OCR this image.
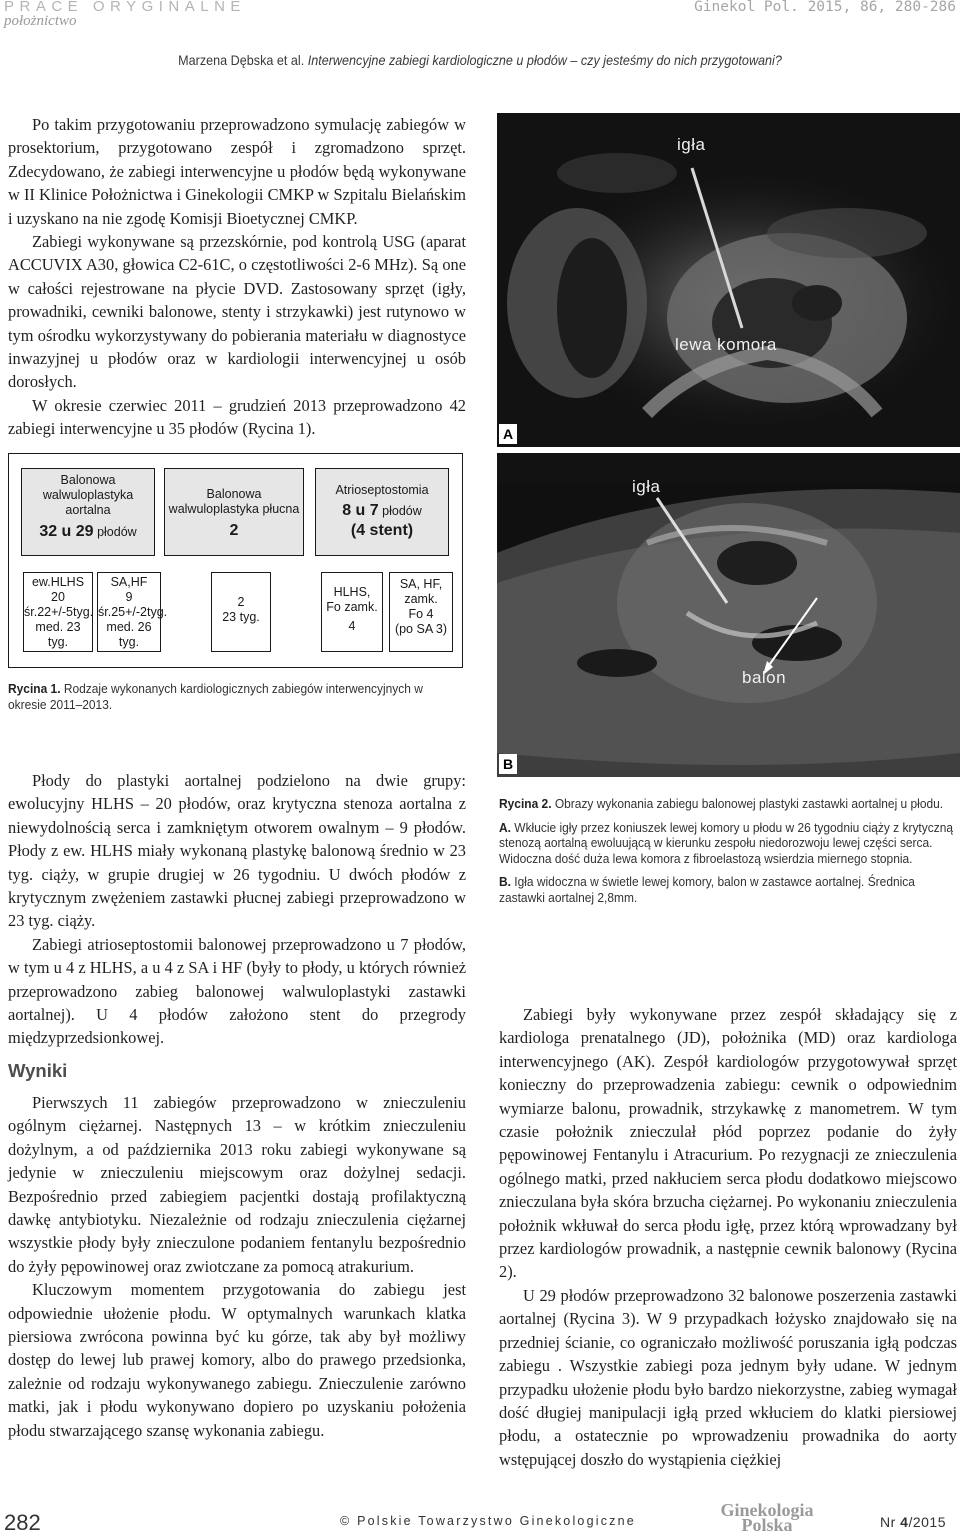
PRACE ORYGINALNE
położnictwo
Ginekol Pol. 2015, 86, 280-286
Marzena Dębska et al. Interwencyjne zabiegi kardiologiczne u płodów – czy jesteśmy do nich przygotowani?

Po takim przygotowaniu przeprowadzono symulację zabiegów w prosektorium, przygotowano zespół i zgromadzono sprzęt. Zdecydowano, że zabiegi interwencyjne u płodów będą wykonywane w II Klinice Położnictwa i Ginekologii CMKP w Szpitalu Bielańskim i uzyskano na nie zgodę Komisji Bioetycznej CMKP.

Zabiegi wykonywane są przezskórnie, pod kontrolą USG (aparat ACCUVIX A30, głowica C2-61C, o częstotliwości 2-6 MHz). Są one w całości rejestrowane na płycie DVD. Zastosowany sprzęt (igły, prowadniki, cewniki balonowe, stenty i strzykawki) jest rutynowo w tym ośrodku wykorzystywany do pobierania materiału w diagnostyce inwazyjnej u płodów oraz w kardiologii interwencyjnej u osób dorosłych.

W okresie czerwiec 2011 – grudzień 2013 przeprowadzono 42 zabiegi interwencyjne u 35 płodów (Rycina 1).

igła
lewa komora
A
Balonowa
walwuloplastyka
aortalna
32 u 29 płodów
Balonowa
walwuloplastyka płucna
2
Atrioseptostomia
8 u 7 płodów
(4 stent)
ew.HLHS
20
śr.22+/-5tyg.
med. 23 tyg.
SA,HF
9
śr.25+/-2tyg.
med. 26 tyg.
2
23 tyg.
HLHS,
Fo zamk.
4
SA, HF,
zamk.
Fo 4
(po SA 3)
Rycina 1. Rodzaje wykonanych kardiologicznych zabiegów interwencyjnych w okresie 2011–2013.
igła
balon
B
Rycina 2. Obrazy wykonania zabiegu balonowej plastyki zastawki aortalnej u płodu.
A. Wkłucie igły przez koniuszek lewej komory u płodu w 26 tygodniu ciąży z krytyczną stenozą aortalną ewoluującą w kierunku zespołu niedorozwoju lewej części serca. Widoczna dość duża lewa komora z fibroelastozą wsierdzia miernego stopnia.
B. Igła widoczna w świetle lewej komory, balon w zastawce aortalnej. Średnica zastawki aortalnej 2,8mm.

Płody do plastyki aortalnej podzielono na dwie grupy: ewolucyjny HLHS – 20 płodów, oraz krytyczna stenoza aortalna z niewydolnością serca i zamkniętym otworem owalnym – 9 płodów. Płody z ew. HLHS miały wykonaną plastykę balonową średnio w 23 tyg. ciąży, w grupie drugiej w 26 tygodniu. U dwóch płodów z krytycznym zwężeniem zastawki płucnej zabiegi przeprowadzono w 23 tyg. ciąży.

Zabiegi atrioseptostomii balonowej przeprowadzono u 7 płodów, w tym u 4 z HLHS, a u 4 z SA i HF (były to płody, u których również przeprowadzono zabieg balonowej walwuloplastyki zastawki aortalnej). U 4 płodów założono stent do przegrody międzyprzedsionkowej.

Wyniki

Pierwszych 11 zabiegów przeprowadzono w znieczuleniu ogólnym ciężarnej. Następnych 13 – w krótkim znieczuleniu dożylnym, a od października 2013 roku zabiegi wykonywane są jedynie w znieczuleniu miejscowym oraz dożylnej sedacji. Bezpośrednio przed zabiegiem pacjentki dostają profilaktyczną dawkę antybiotyku. Niezależnie od rodzaju znieczulenia ciężarnej wszystkie płody były znieczulone podaniem fentanylu bezpośrednio do żyły pępowinowej oraz zwiotczane za pomocą atrakurium.

Kluczowym momentem przygotowania do zabiegu jest odpowiednie ułożenie płodu. W optymalnych warunkach klatka piersiowa zwrócona powinna być ku górze, tak aby był możliwy dostęp do lewej lub prawej komory, albo do prawego przedsionka, zależnie od rodzaju wykonywanego zabiegu. Znieczulenie zarówno matki, jak i płodu wykonywano dopiero po uzyskaniu położenia płodu stwarzającego szansę wykonania zabiegu.

Zabiegi były wykonywane przez zespół składający się z kardiologa prenatalnego (JD), położnika (MD) oraz kardiologa interwencyjnego (AK). Zespół kardiologów przygotowywał sprzęt konieczny do przeprowadzenia zabiegu: cewnik o odpowiednim wymiarze balonu, prowadnik, strzykawkę z manometrem. W tym czasie położnik znieczulał płód poprzez podanie do żyły pępowinowej Fentanylu i Atracurium. Po rezygnacji ze znieczulenia ogólnego matki, przed nakłuciem serca płodu dodatkowo miejscowo znieczulana była skóra brzucha ciężarnej. Po wykonaniu znieczulenia położnik wkłuwał do serca płodu igłę, przez którą wprowadzany był przez kardiologów prowadnik, a następnie cewnik balonowy (Rycina 2).

U 29 płodów przeprowadzono 32 balonowe poszerzenia zastawki aortalnej (Rycina 3). W 9 przypadkach łożysko znajdowało się na przedniej ścianie, co ograniczało możliwość poruszania igłą podczas zabiegu . Wszystkie zabiegi poza jednym były udane. W jednym przypadku ułożenie płodu było bardzo niekorzystne, zabieg wymagał dość długiej manipulacji igłą przed wkłuciem do klatki piersiowej płodu, a ostatecznie po wprowadzeniu prowadnika do aorty wstępującej doszło do wystąpienia ciężkiej

282	© Polskie Towarzystwo Ginekologiczne
Ginekologia
Polska	Nr 4/2015
